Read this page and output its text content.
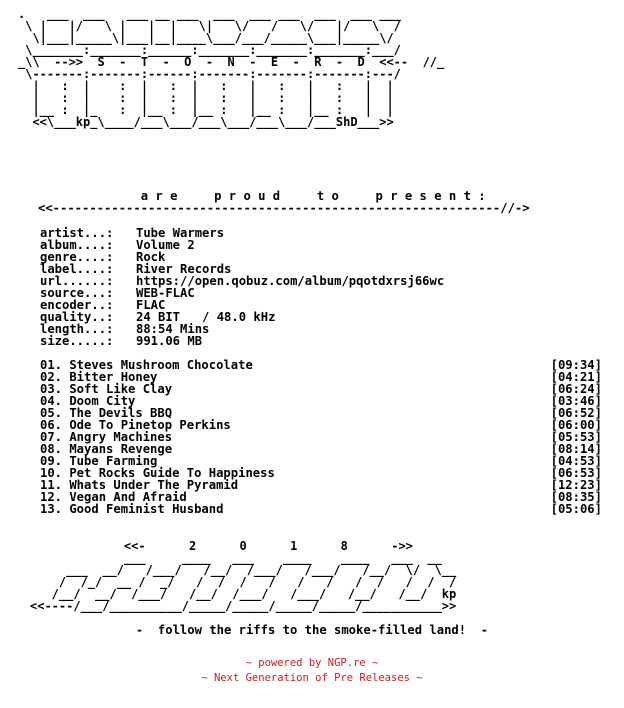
.   ___  ___   ___ __ ___  ___  ___ ___  ___  ___ ___
\ |   |/   \ |   |  |   \|   \/   /   \/   |/   \  /
\|___|_____\|___|__|____\___/___/_____\___|_____\/
\_______:_______:______:_______:_______:_______:___/
_\\  -->>  S  -  T  -  O  -  N  -  E  -  R  -  D  <<--  //_
\-------:-------:------:-------:-------:-------:---/
|   :  |    :  |   :  |   :   |   :   |   :   |  |
|   :  |    :  |   :  |   :   |   :   |   :   |  |
|__ :  |_   :  |__ :  |__ :   |__ :   |__ :   |  |
<<\___kp_\____/___\___/___\___/___\___/___ShD___>>
a r e     p r o u d     t o     p r e s e n t :
<<-------------------------------------------------------------//->
artist...:	Tube Warmers
album....:	Volume 2
genre....:	Rock
label....:	River Records
url......:	https://open.qobuz.com/album/pqotdxrsj66wc
source...:	WEB-FLAC
encoder..:	FLAC
quality..:	24 BIT   / 48.0 kHz
length...:	88:54 Mins
size.....:	991.06 MB
01. Steves Mushroom Chocolate	[09:34]
02. Bitter Honey	[04:21]
03. Soft Like Clay	[06:24]
04. Doom City	[03:46]
05. The Devils BBQ	[06:52]
06. Ode To Pinetop Perkins	[06:00]
07. Angry Machines	[05:53]
08. Mayans Revenge	[08:14]
09. Tube Farming	[04:53]
10. Pet Rocks Guide To Happiness	[06:53]
11. Whats Under The Pyramid	[12:23]
12. Vegan And Afraid	[08:35]
13. Good Feminist Husband	[05:06]
<<-      2      0      1      8      ->>
___     ____   ___    ____    ____   ___  __
___  __/   /___/   /__/  /___/   /___/   /__/  \/  \__
/  /_/  __ /  _/   /  /  /   /   /   /   /  /   /  /  /
/__/  __/  /___/   /__/  /___/   /___/   /__/   /__/  kp
<<----/___/__________/_____/_____/_____/_____/___________>>
-  follow the riffs to the smoke-filled land!  -
~ powered by NGP.re ~
~ Next Generation of Pre Releases ~
